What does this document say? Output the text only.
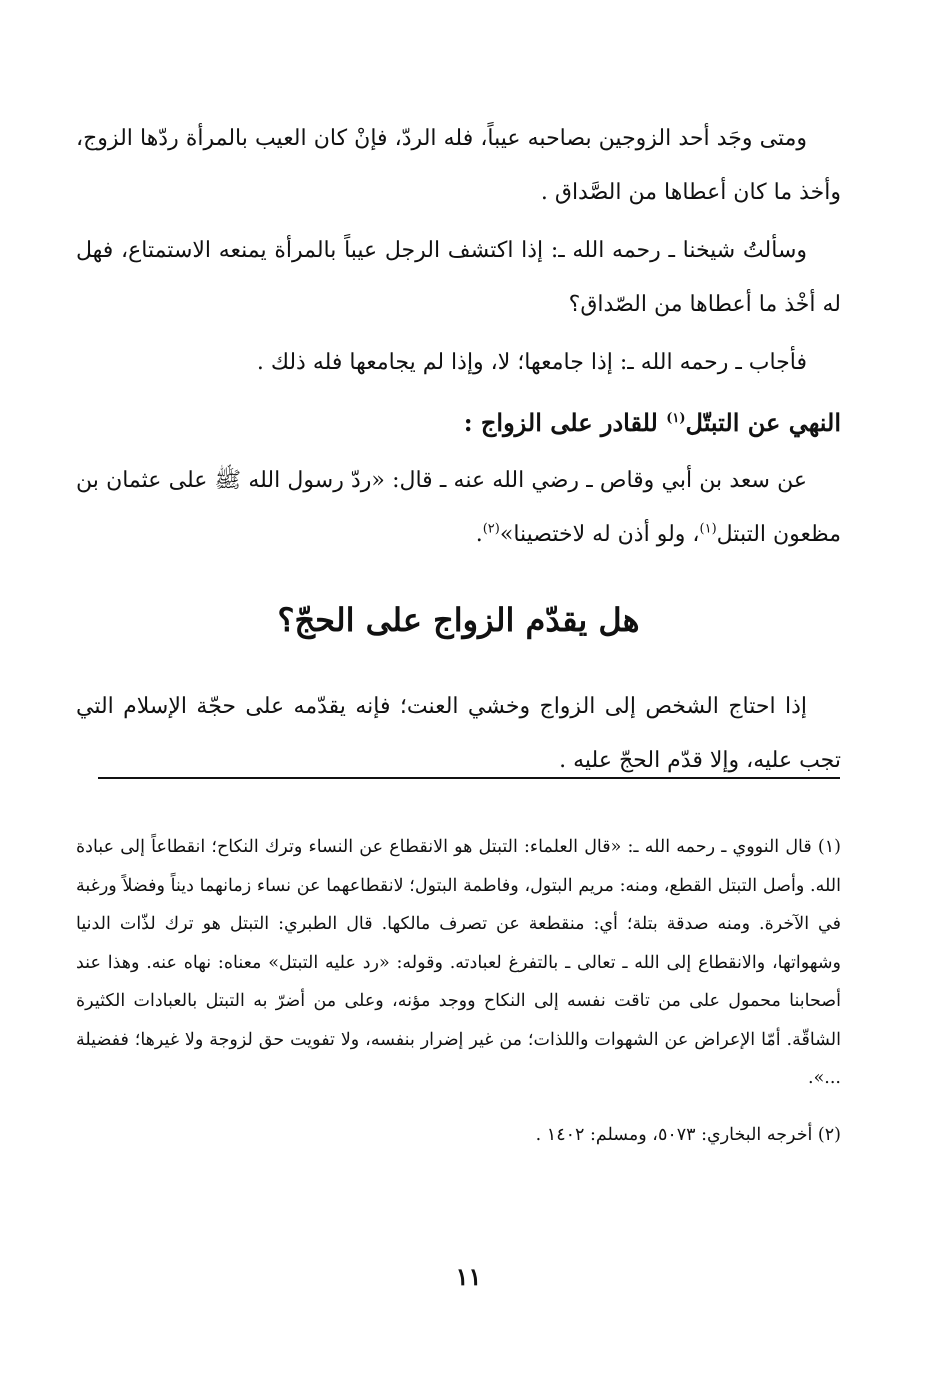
ومتى وجَد أحد الزوجين بصاحبه عيباً، فله الردّ، فإنْ كان العيب بالمرأة ردّها الزوج، وأخذ ما كان أعطاها من الصَّداق .

وسألتُ شيخنا ـ رحمه الله ـ: إذا اكتشف الرجل عيباً بالمرأة يمنعه الاستمتاع، فهل له أخْذ ما أعطاها من الصّداق؟

فأجاب ـ رحمه الله ـ: إذا جامعها؛ لا، وإذا لم يجامعها فله ذلك .

النهي عن التبتّل$^{(١)}$ للقادر على الزواج :

عن سعد بن أبي وقاص ـ رضي الله عنه ـ قال: «ردّ رسول الله ﷺ على عثمان بن مظعون التبتل$^{(١)}$، ولو أذن له لاختصينا»$^{(٢)}$.

هل يقدّم الزواج على الحجّ؟

إذا احتاج الشخص إلى الزواج وخشي العنت؛ فإنه يقدّمه على حجّة الإسلام التي تجب عليه، وإلا قدّم الحجّ عليه .

(١) قال النووي ـ رحمه الله ـ: «قال العلماء: التبتل هو الانقطاع عن النساء وترك النكاح؛ انقطاعاً إلى عبادة الله. وأصل التبتل القطع، ومنه: مريم البتول، وفاطمة البتول؛ لانقطاعهما عن نساء زمانهما ديناً وفضلاً ورغبة في الآخرة. ومنه صدقة بتلة؛ أي: منقطعة عن تصرف مالكها. قال الطبري: التبتل هو ترك لذّات الدنيا وشهواتها، والانقطاع إلى الله ـ تعالى ـ بالتفرغ لعبادته. وقوله: «رد عليه التبتل» معناه: نهاه عنه. وهذا عند أصحابنا محمول على من تاقت نفسه إلى النكاح ووجد مؤنه، وعلى من أضرّ به التبتل بالعبادات الكثيرة الشاقّة. أمّا الإعراض عن الشهوات واللذات؛ من غير إضرار بنفسه، ولا تفويت حق لزوجة ولا غيرها؛ ففضيلة ...».

(٢) أخرجه البخاري: ٥٠٧٣، ومسلم: ١٤٠٢ .

١١
